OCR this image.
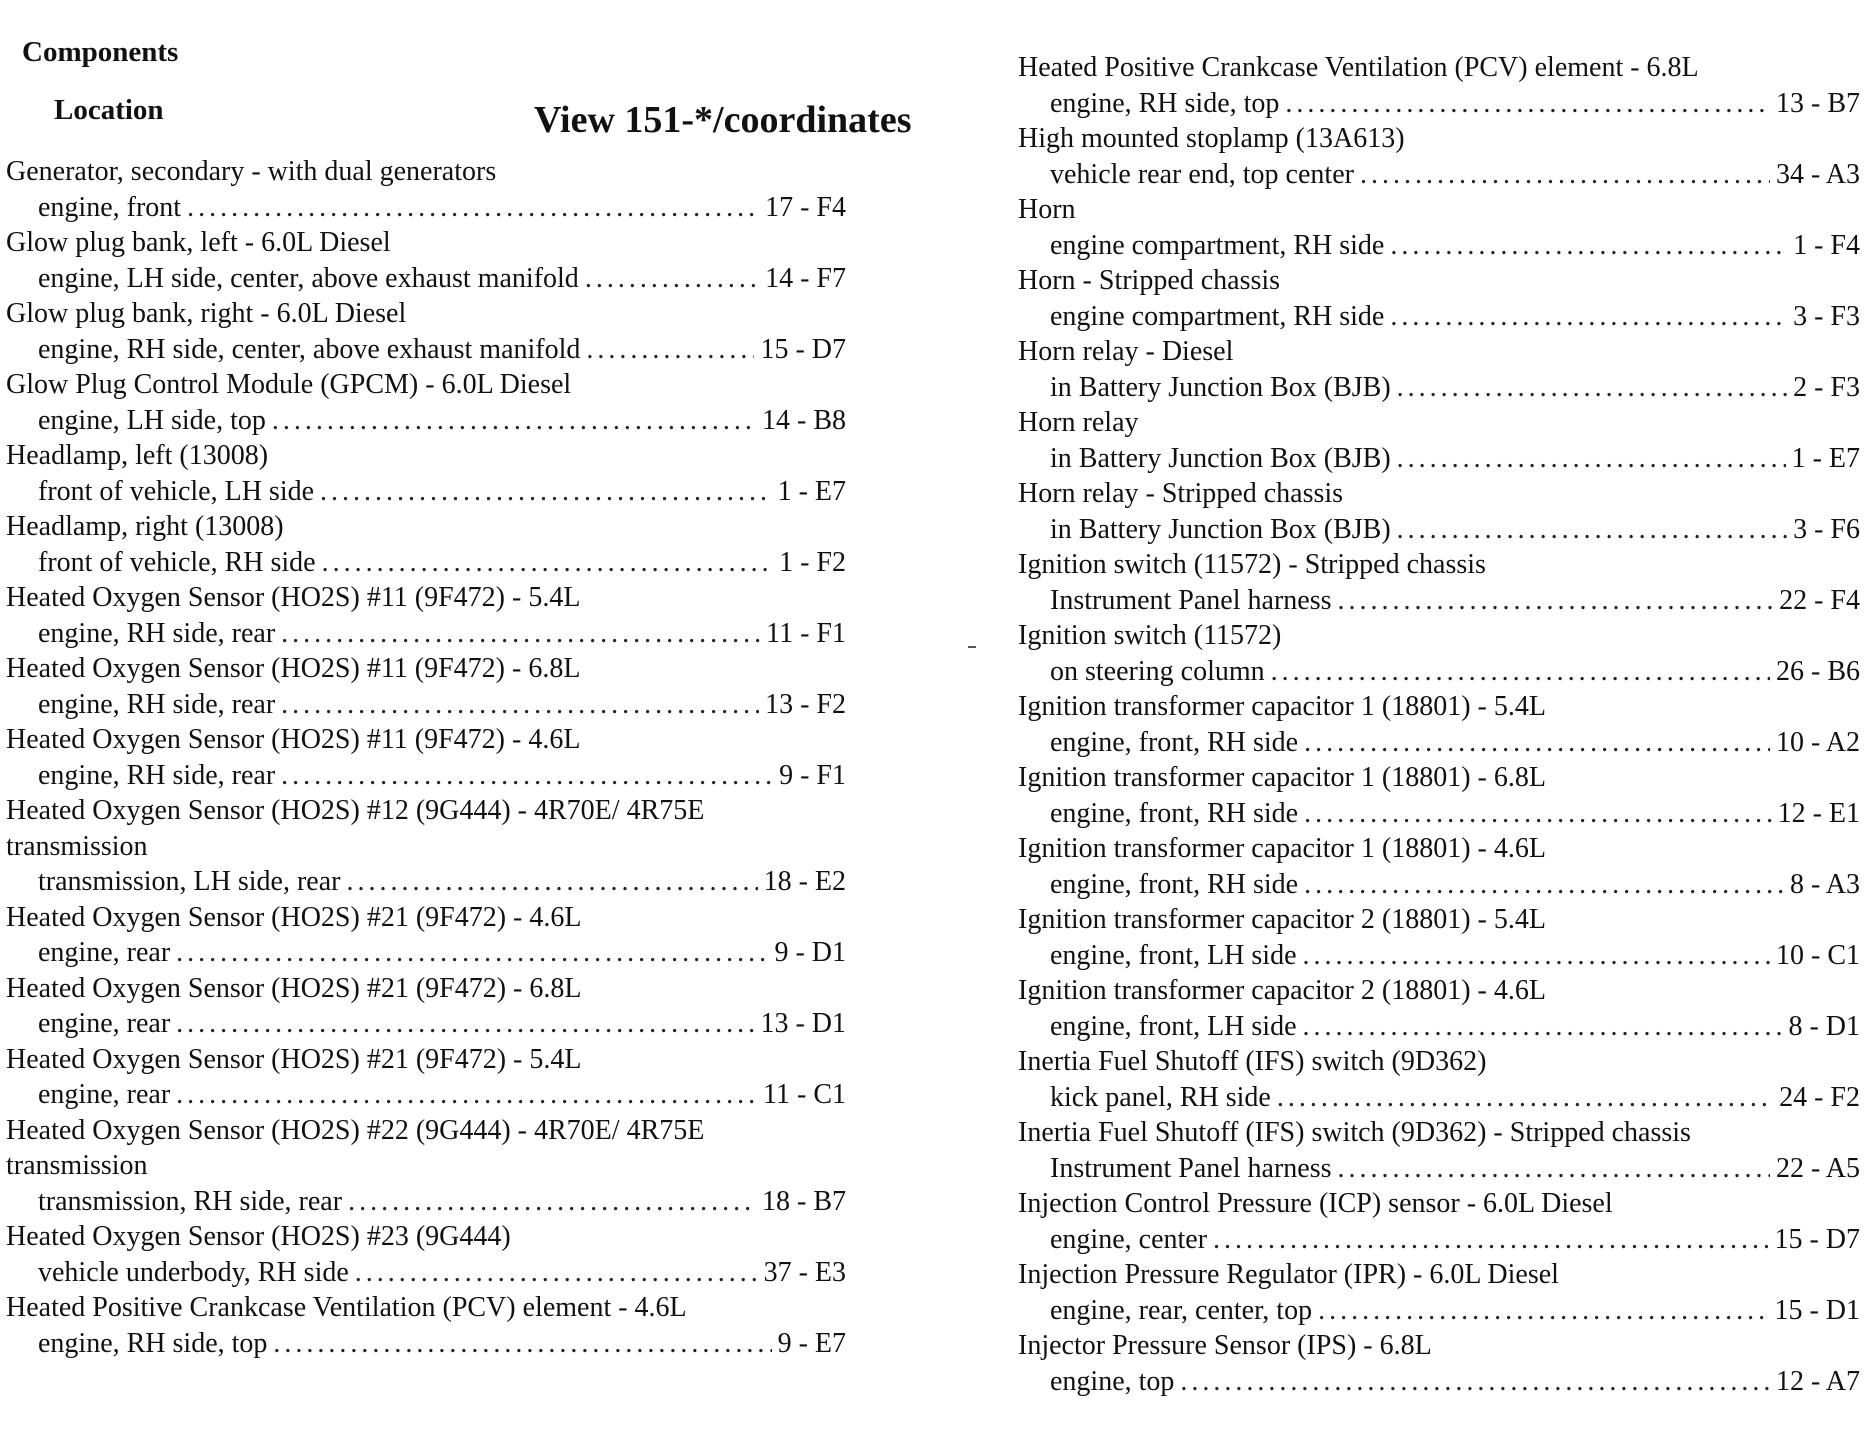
Components
Location	View 151-*/coordinates
Generator, secondary - with dual generators
engine, front .....	17 - F4
Glow plug bank, left - 6.0L Diesel
engine, LH side, center, above exhaust manifold .....	14 - F7
Glow plug bank, right - 6.0L Diesel
engine, RH side, center, above exhaust manifold .....	15 - D7
Glow Plug Control Module (GPCM) - 6.0L Diesel
engine, LH side, top .....	14 - B8
Headlamp, left (13008)
front of vehicle, LH side .....	1 - E7
Headlamp, right (13008)
front of vehicle, RH side .....	1 - F2
Heated Oxygen Sensor (HO2S) #11 (9F472) - 5.4L
engine, RH side, rear .....	11 - F1
Heated Oxygen Sensor (HO2S) #11 (9F472) - 6.8L
engine, RH side, rear .....	13 - F2
Heated Oxygen Sensor (HO2S) #11 (9F472) - 4.6L
engine, RH side, rear .....	9 - F1
Heated Oxygen Sensor (HO2S) #12 (9G444) - 4R70E/ 4R75E transmission
transmission, LH side, rear .....	18 - E2
Heated Oxygen Sensor (HO2S) #21 (9F472) - 4.6L
engine, rear .....	9 - D1
Heated Oxygen Sensor (HO2S) #21 (9F472) - 6.8L
engine, rear .....	13 - D1
Heated Oxygen Sensor (HO2S) #21 (9F472) - 5.4L
engine, rear .....	11 - C1
Heated Oxygen Sensor (HO2S) #22 (9G444) - 4R70E/ 4R75E transmission
transmission, RH side, rear .....	18 - B7
Heated Oxygen Sensor (HO2S) #23 (9G444)
vehicle underbody, RH side .....	37 - E3
Heated Positive Crankcase Ventilation (PCV) element - 4.6L
engine, RH side, top .....	9 - E7
Heated Positive Crankcase Ventilation (PCV) element - 6.8L
engine, RH side, top .....	13 - B7
High mounted stoplamp (13A613)
vehicle rear end, top center .....	34 - A3
Horn
engine compartment, RH side .....	1 - F4
Horn - Stripped chassis
engine compartment, RH side .....	3 - F3
Horn relay - Diesel
in Battery Junction Box (BJB) .....	2 - F3
Horn relay
in Battery Junction Box (BJB) .....	1 - E7
Horn relay - Stripped chassis
in Battery Junction Box (BJB) .....	3 - F6
Ignition switch (11572) - Stripped chassis
Instrument Panel harness .....	22 - F4
Ignition switch (11572)
on steering column .....	26 - B6
Ignition transformer capacitor 1 (18801) - 5.4L
engine, front, RH side .....	10 - A2
Ignition transformer capacitor 1 (18801) - 6.8L
engine, front, RH side .....	12 - E1
Ignition transformer capacitor 1 (18801) - 4.6L
engine, front, RH side .....	8 - A3
Ignition transformer capacitor 2 (18801) - 5.4L
engine, front, LH side .....	10 - C1
Ignition transformer capacitor 2 (18801) - 4.6L
engine, front, LH side .....	8 - D1
Inertia Fuel Shutoff (IFS) switch (9D362)
kick panel, RH side .....	24 - F2
Inertia Fuel Shutoff (IFS) switch (9D362) - Stripped chassis
Instrument Panel harness .....	22 - A5
Injection Control Pressure (ICP) sensor - 6.0L Diesel
engine, center .....	15 - D7
Injection Pressure Regulator (IPR) - 6.0L Diesel
engine, rear, center, top .....	15 - D1
Injector Pressure Sensor (IPS) - 6.8L
engine, top .....	12 - A7
